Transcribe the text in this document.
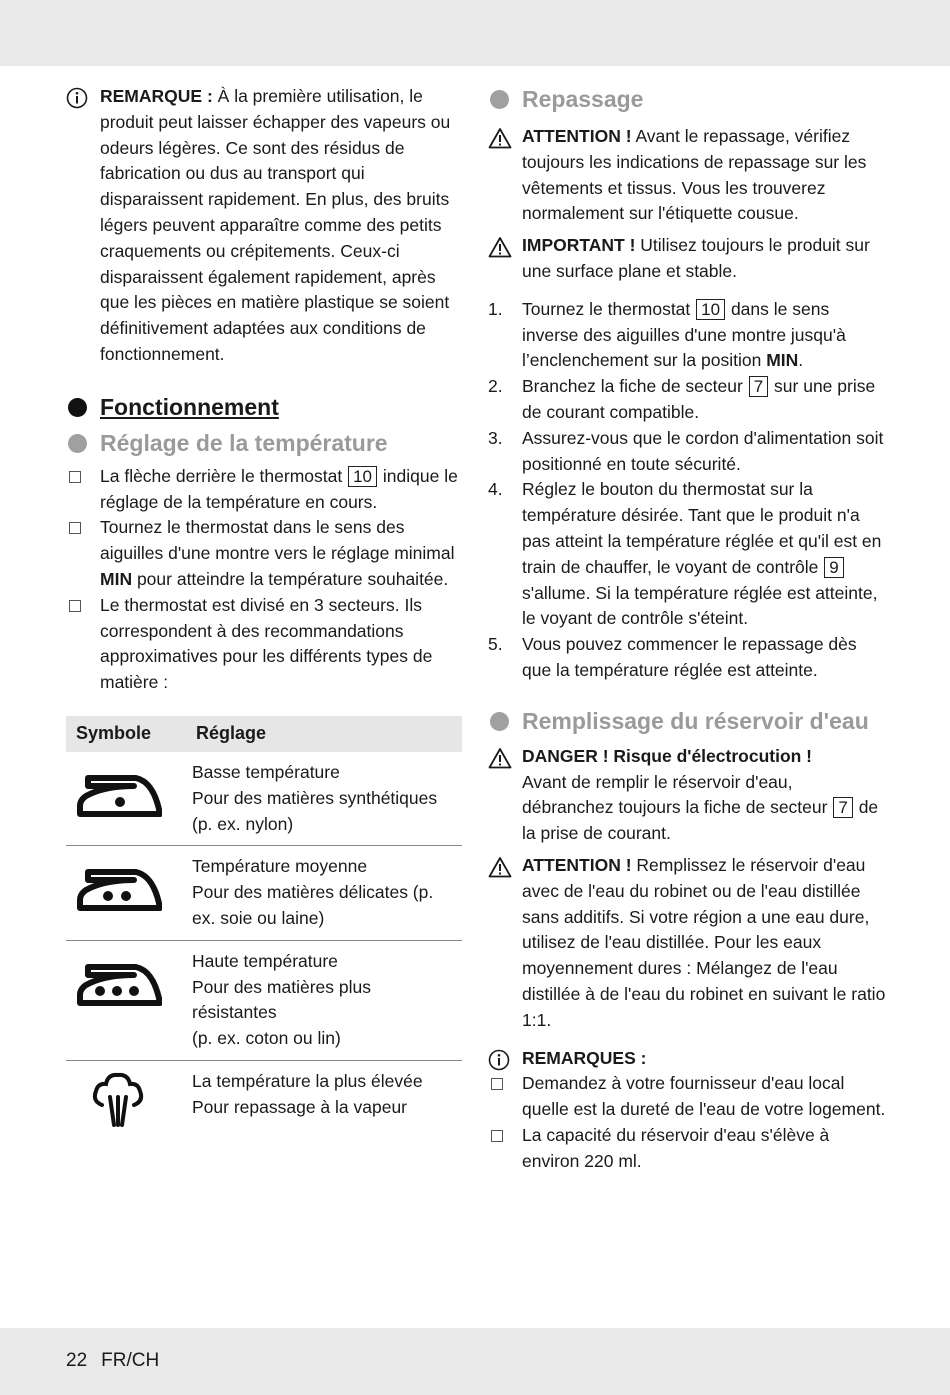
REMARQUE : À la première utilisation, le produit peut laisser échapper des vapeurs ou odeurs légères. Ce sont des résidus de fabrication ou dus au transport qui disparaissent rapidement. En plus, des bruits légers peuvent apparaître comme des petits craquements ou crépitements. Ceux-ci disparaissent également rapidement, après que les pièces en matière plastique se soient définitivement adaptées aux conditions de fonctionnement.
Fonctionnement
Réglage de la température
La flèche derrière le thermostat 10 indique le réglage de la température en cours.
Tournez le thermostat dans le sens des aiguilles d'une montre vers le réglage minimal MIN pour atteindre la température souhaitée.
Le thermostat est divisé en 3 secteurs. Ils correspondent à des recommandations approximatives pour les différents types de matière :
Symbole	Réglage

Basse température
Pour des matières synthétiques
(p. ex. nylon)

Température moyenne
Pour des matières délicates (p. ex. soie ou laine)

Haute température
Pour des matières plus résistantes
(p. ex. coton ou lin)

La température la plus élevée
Pour repassage à la vapeur
Repassage
ATTENTION ! Avant le repassage, vérifiez toujours les indications de repassage sur les vêtements et tissus. Vous les trouverez normalement sur l'étiquette cousue.
IMPORTANT ! Utilisez toujours le produit sur une surface plane et stable.
1. Tournez le thermostat 10 dans le sens inverse des aiguilles d'une montre jusqu'à l’enclenchement sur la position MIN.
2. Branchez la fiche de secteur 7 sur une prise de courant compatible.
3. Assurez-vous que le cordon d'alimentation soit positionné en toute sécurité.
4. Réglez le bouton du thermostat sur la température désirée. Tant que le produit n'a pas atteint la température réglée et qu'il est en train de chauffer, le voyant de contrôle 9 s'allume. Si la température réglée est atteinte, le voyant de contrôle s'éteint.
5. Vous pouvez commencer le repassage dès que la température réglée est atteinte.
Remplissage du réservoir d'eau
DANGER ! Risque d'électrocution !
Avant de remplir le réservoir d'eau, débranchez toujours la fiche de secteur 7 de la prise de courant.
ATTENTION ! Remplissez le réservoir d'eau avec de l'eau du robinet ou de l'eau distillée sans additifs. Si votre région a une eau dure, utilisez de l'eau distillée. Pour les eaux moyennement dures : Mélangez de l'eau distillée à de l'eau du robinet en suivant le ratio 1:1.
REMARQUES :
Demandez à votre fournisseur d'eau local quelle est la dureté de l'eau de votre logement.
La capacité du réservoir d'eau s'élève à environ 220 ml.
22 FR/CH
